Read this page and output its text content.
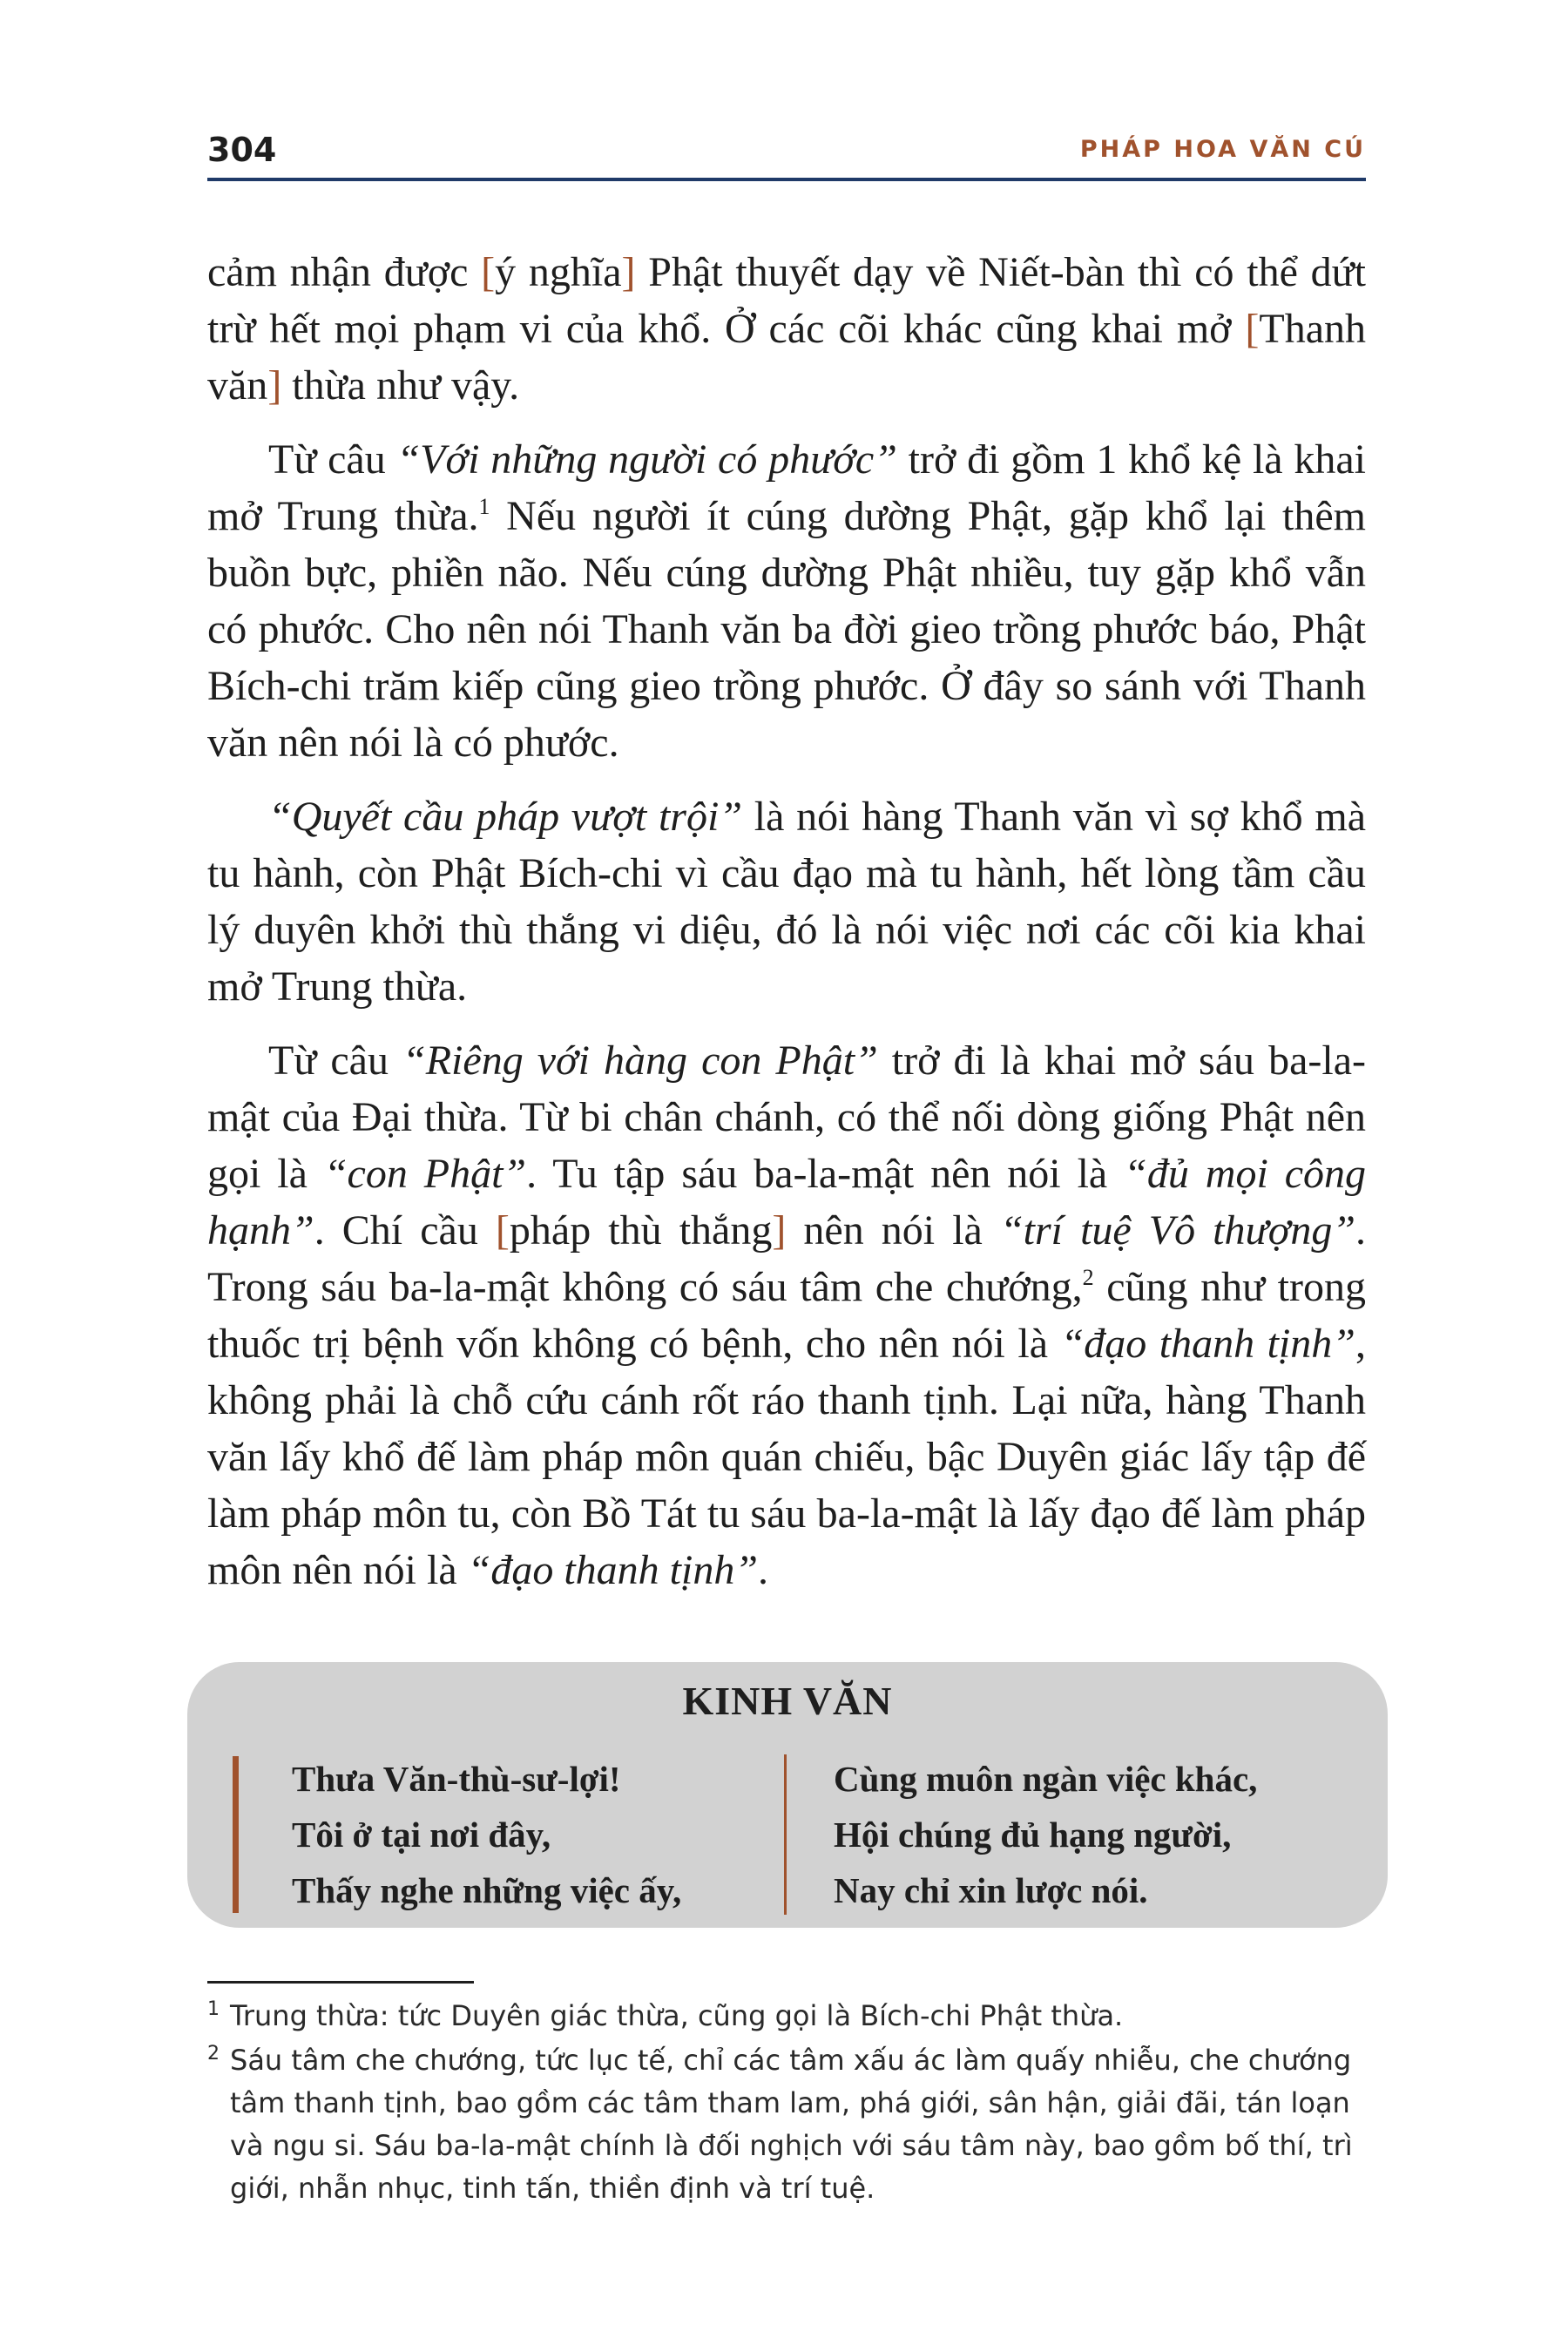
304	PHÁP HOA VĂN CÚ

cảm nhận được [ý nghĩa] Phật thuyết dạy về Niết-bàn thì có thể dứt trừ hết mọi phạm vi của khổ. Ở các cõi khác cũng khai mở [Thanh văn] thừa như vậy.

Từ câu “Với những người có phước” trở đi gồm 1 khổ kệ là khai mở Trung thừa.$^1$ Nếu người ít cúng dường Phật, gặp khổ lại thêm buồn bực, phiền não. Nếu cúng dường Phật nhiều, tuy gặp khổ vẫn có phước. Cho nên nói Thanh văn ba đời gieo trồng phước báo, Phật Bích-chi trăm kiếp cũng gieo trồng phước. Ở đây so sánh với Thanh văn nên nói là có phước.

“Quyết cầu pháp vượt trội” là nói hàng Thanh văn vì sợ khổ mà tu hành, còn Phật Bích-chi vì cầu đạo mà tu hành, hết lòng tầm cầu lý duyên khởi thù thắng vi diệu, đó là nói việc nơi các cõi kia khai mở Trung thừa.

Từ câu “Riêng với hàng con Phật” trở đi là khai mở sáu ba-la-mật của Đại thừa. Từ bi chân chánh, có thể nối dòng giống Phật nên gọi là “con Phật”. Tu tập sáu ba-la-mật nên nói là “đủ mọi công hạnh”. Chí cầu [pháp thù thắng] nên nói là “trí tuệ Vô thượng”. Trong sáu ba-la-mật không có sáu tâm che chướng,$^2$ cũng như trong thuốc trị bệnh vốn không có bệnh, cho nên nói là “đạo thanh tịnh”, không phải là chỗ cứu cánh rốt ráo thanh tịnh. Lại nữa, hàng Thanh văn lấy khổ đế làm pháp môn quán chiếu, bậc Duyên giác lấy tập đế làm pháp môn tu, còn Bồ Tát tu sáu ba-la-mật là lấy đạo đế làm pháp môn nên nói là “đạo thanh tịnh”.

KINH VĂN
Thưa Văn-thù-sư-lợi!
Tôi ở tại nơi đây,
Thấy nghe những việc ấy,
Cùng muôn ngàn việc khác,
Hội chúng đủ hạng người,
Nay chỉ xin lược nói.

1 Trung thừa: tức Duyên giác thừa, cũng gọi là Bích-chi Phật thừa.

2 Sáu tâm che chướng, tức lục tế, chỉ các tâm xấu ác làm quấy nhiễu, che chướng tâm thanh tịnh, bao gồm các tâm tham lam, phá giới, sân hận, giải đãi, tán loạn và ngu si. Sáu ba-la-mật chính là đối nghịch với sáu tâm này, bao gồm bố thí, trì giới, nhẫn nhục, tinh tấn, thiền định và trí tuệ.
